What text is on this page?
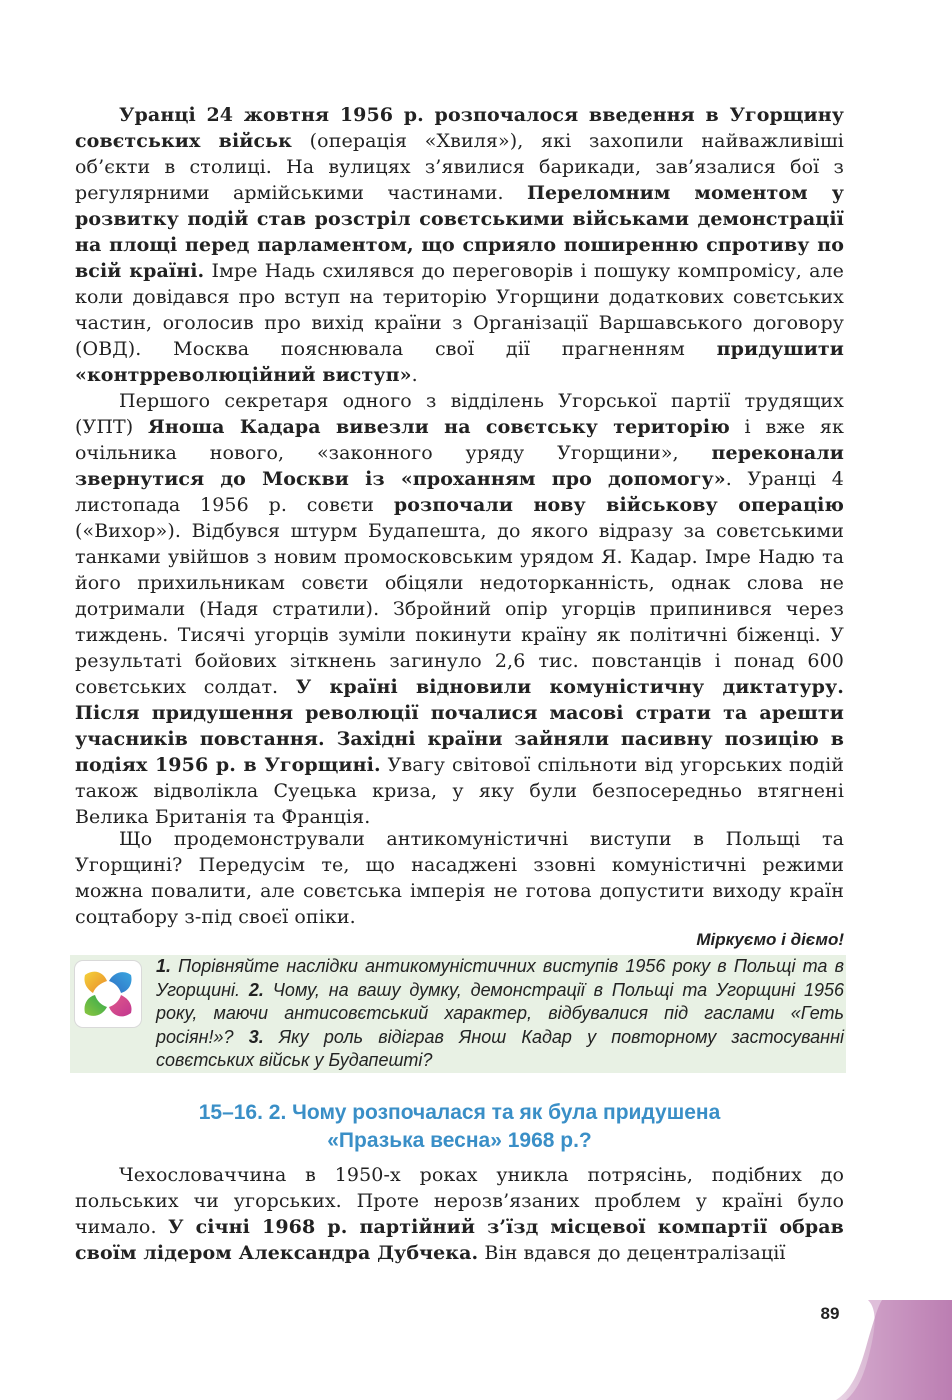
Уранці 24 жовтня 1956 р. розпочалося введення в Угорщину совєтських військ (операція «Хвиля»), які захопили найважливіші об’єкти в столиці. На вулицях з’явилися барикади, зав’язалися бої з регулярними армійськими частинами. Переломним моментом у розвитку подій став розстріл совєтськими військами демонстрації на площі перед парламентом, що сприяло поширенню спротиву по всій країні. Імре Надь схилявся до переговорів і пошуку компромісу, але коли довідався про вступ на територію Угорщини додаткових совєтських частин, оголосив про вихід країни з Організації Варшавського договору (ОВД). Москва пояснювала свої дії прагненням придушити «контрреволюційний виступ».

Першого секретаря одного з відділень Угорської партії трудящих (УПТ) Яноша Кадара вивезли на совєтську територію і вже як очільника нового, «законного уряду Угорщини», переконали звернутися до Москви із «проханням про допомогу». Уранці 4 листопада 1956 р. совєти розпочали нову військову операцію («Вихор»). Відбувся штурм Будапешта, до якого відразу за совєтськими танками увійшов з новим промосковським урядом Я. Кадар. Імре Надю та його прихильникам совєти обіцяли недоторканність, однак слова не дотримали (Надя стратили). Збройний опір угорців припинився через тиждень. Тисячі угорців зуміли покинути країну як політичні біженці. У результаті бойових зіткнень загинуло 2,6 тис. повстанців і понад 600 совєтських солдат. У країні відновили комуністичну диктатуру. Після придушення революції почалися масові страти та арешти учасників повстання. Західні країни зайняли пасивну позицію в подіях 1956 р. в Угорщині. Увагу світової спільноти від угорських подій також відволікла Суецька криза, у яку були безпосередньо втягнені Велика Британія та Франція.

Що продемонстрували антикомуністичні виступи в Польщі та Угорщині? Передусім те, що насаджені ззовні комуністичні режими можна повалити, але совєтська імперія не готова допустити виходу країн соцтабору з-під своєї опіки.

Міркуємо і діємо!
1. Порівняйте наслідки антикомуністичних виступів 1956 року в Польщі та в Угорщині. 2. Чому, на вашу думку, демонстрації в Польщі та Угорщині 1956 року, маючи антисовєтський характер, відбувалися під гаслами «Геть росіян!»? 3. Яку роль відіграв Янош Кадар у повторному застосуванні совєтських військ у Будапешті?
15–16. 2. Чому розпочалася та як була придушена
«Празька весна» 1968 р.?

Чехословаччина в 1950-х роках уникла потрясінь, подібних до польських чи угорських. Проте нерозв’язаних проблем у країні було чимало. У січні 1968 р. партійний з’їзд місцевої компартії обрав своїм лідером Александра Дубчека. Він вдався до децентралізації

89
